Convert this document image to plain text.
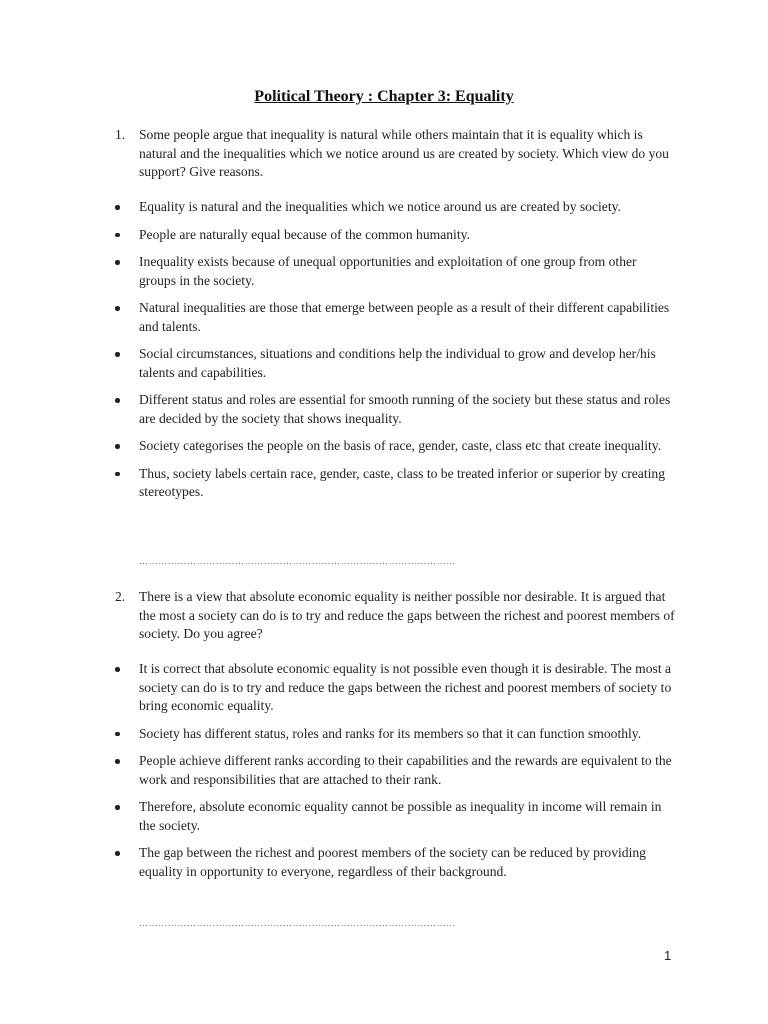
Political Theory : Chapter 3: Equality
1. Some people argue that inequality is natural while others maintain that it is equality which is natural and the inequalities which we notice around us are created by society. Which view do you support? Give reasons.
Equality is natural and the inequalities which we notice around us are created by society.
People are naturally equal because of the common humanity.
Inequality exists because of unequal opportunities and exploitation of one group from other groups in the society.
Natural inequalities are those that emerge between people as a result of their different capabilities and talents.
Social circumstances, situations and conditions help the individual to grow and develop her/his talents and capabilities.
Different status and roles are essential for smooth running of the society but these status and roles are decided by the society that shows inequality.
Society categorises the people on the basis of race, gender, caste, class etc that create inequality.
Thus, society labels certain race, gender, caste, class to be treated inferior or superior by creating stereotypes.
………………………………………………………………………………………
2. There is a view that absolute economic equality is neither possible nor desirable. It is argued that the most a society can do is to try and reduce the gaps between the richest and poorest members of society. Do you agree?
It is correct that absolute economic equality is not possible even though it is desirable. The most a society can do is to try and reduce the gaps between the richest and poorest members of society to bring economic equality.
Society has different status, roles and ranks for its members so that it can function smoothly.
People achieve different ranks according to their capabilities and the rewards are equivalent to the work and responsibilities that are attached to their rank.
Therefore, absolute economic equality cannot be possible as inequality in income will remain in the society.
The gap between the richest and poorest members of the society can be reduced by providing equality in opportunity to everyone, regardless of their background.
………………………………………………………………………………………
1
